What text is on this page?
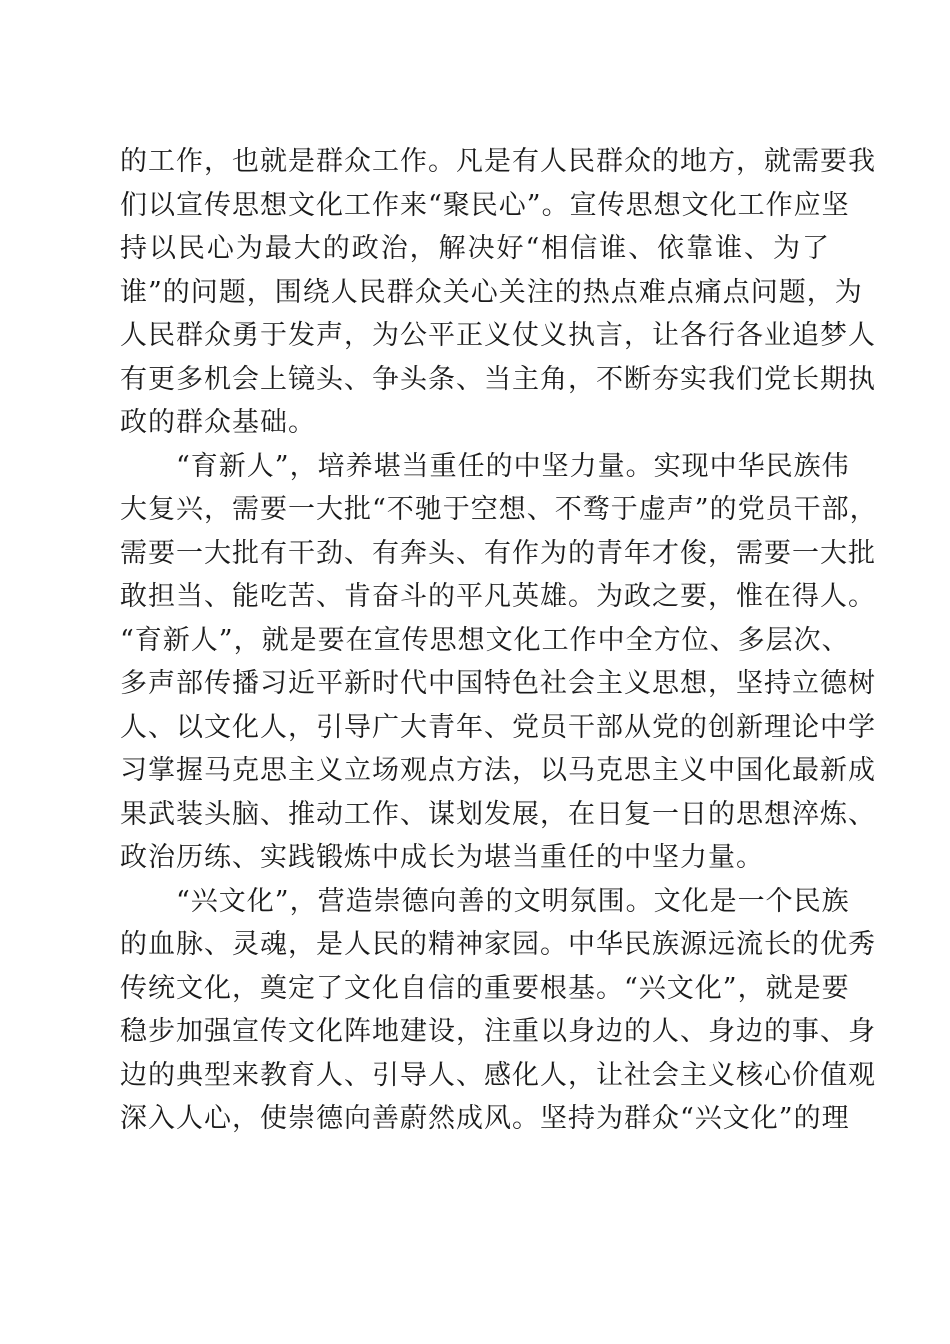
的工作，也就是群众工作。凡是有人民群众的地方，就需要我
们以宣传思想文化工作来“聚民心”。宣传思想文化工作应坚
持以民心为最大的政治，解决好“相信谁、依靠谁、为了
谁”的问题，围绕人民群众关心关注的热点难点痛点问题，为
人民群众勇于发声，为公平正义仗义执言，让各行各业追梦人
有更多机会上镜头、争头条、当主角，不断夯实我们党长期执
政的群众基础。
“育新人”，培养堪当重任的中坚力量。实现中华民族伟
大复兴，需要一大批“不驰于空想、不骛于虚声”的党员干部，
需要一大批有干劲、有奔头、有作为的青年才俊，需要一大批
敢担当、能吃苦、肯奋斗的平凡英雄。为政之要，惟在得人。
“育新人”，就是要在宣传思想文化工作中全方位、多层次、
多声部传播习近平新时代中国特色社会主义思想，坚持立德树
人、以文化人，引导广大青年、党员干部从党的创新理论中学
习掌握马克思主义立场观点方法，以马克思主义中国化最新成
果武装头脑、推动工作、谋划发展，在日复一日的思想淬炼、
政治历练、实践锻炼中成长为堪当重任的中坚力量。
“兴文化”，营造崇德向善的文明氛围。文化是一个民族
的血脉、灵魂，是人民的精神家园。中华民族源远流长的优秀
传统文化，奠定了文化自信的重要根基。“兴文化”，就是要
稳步加强宣传文化阵地建设，注重以身边的人、身边的事、身
边的典型来教育人、引导人、感化人，让社会主义核心价值观
深入人心，使崇德向善蔚然成风。坚持为群众“兴文化”的理
